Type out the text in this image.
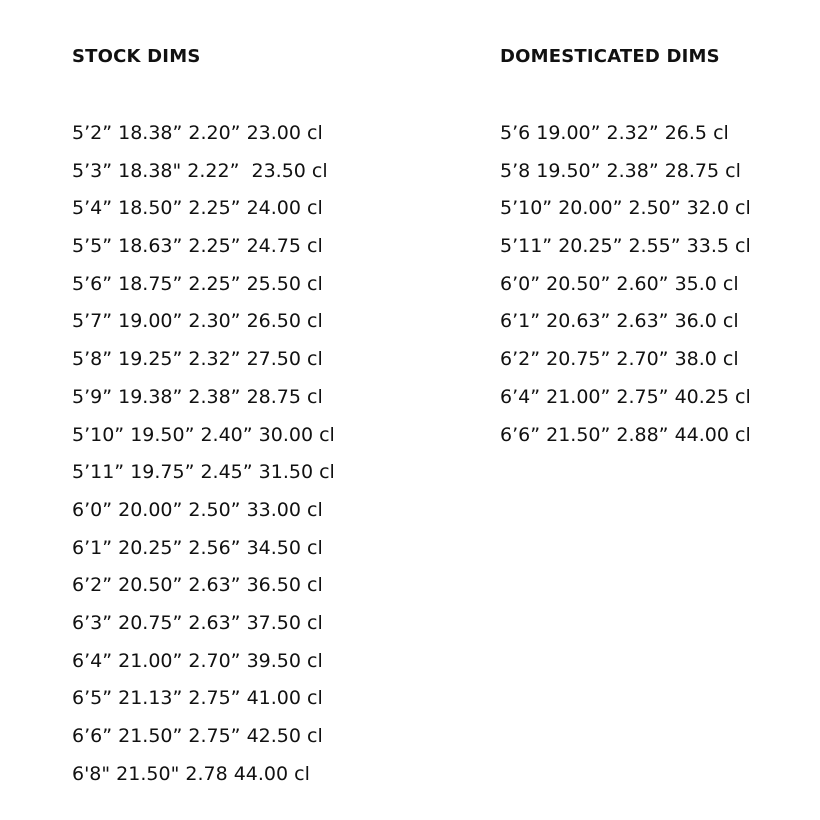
STOCK DIMS
5’2” 18.38” 2.20” 23.00 cl
5’3” 18.38" 2.22”  23.50 cl
5’4” 18.50” 2.25” 24.00 cl
5’5” 18.63” 2.25” 24.75 cl
5’6” 18.75” 2.25” 25.50 cl
5’7” 19.00” 2.30” 26.50 cl
5’8” 19.25” 2.32” 27.50 cl
5’9” 19.38” 2.38” 28.75 cl
5’10” 19.50” 2.40” 30.00 cl
5’11” 19.75” 2.45” 31.50 cl
6’0” 20.00” 2.50” 33.00 cl
6’1” 20.25” 2.56” 34.50 cl
6’2” 20.50” 2.63” 36.50 cl
6’3” 20.75” 2.63” 37.50 cl
6’4” 21.00” 2.70” 39.50 cl
6’5” 21.13” 2.75” 41.00 cl
6’6” 21.50” 2.75” 42.50 cl
6'8" 21.50" 2.78 44.00 cl
DOMESTICATED DIMS
5’6 19.00” 2.32” 26.5 cl
5’8 19.50” 2.38” 28.75 cl
5’10” 20.00” 2.50” 32.0 cl
5’11” 20.25” 2.55” 33.5 cl
6’0” 20.50” 2.60” 35.0 cl
6’1” 20.63” 2.63” 36.0 cl
6’2” 20.75” 2.70” 38.0 cl
6’4” 21.00” 2.75” 40.25 cl
6’6” 21.50” 2.88” 44.00 cl
